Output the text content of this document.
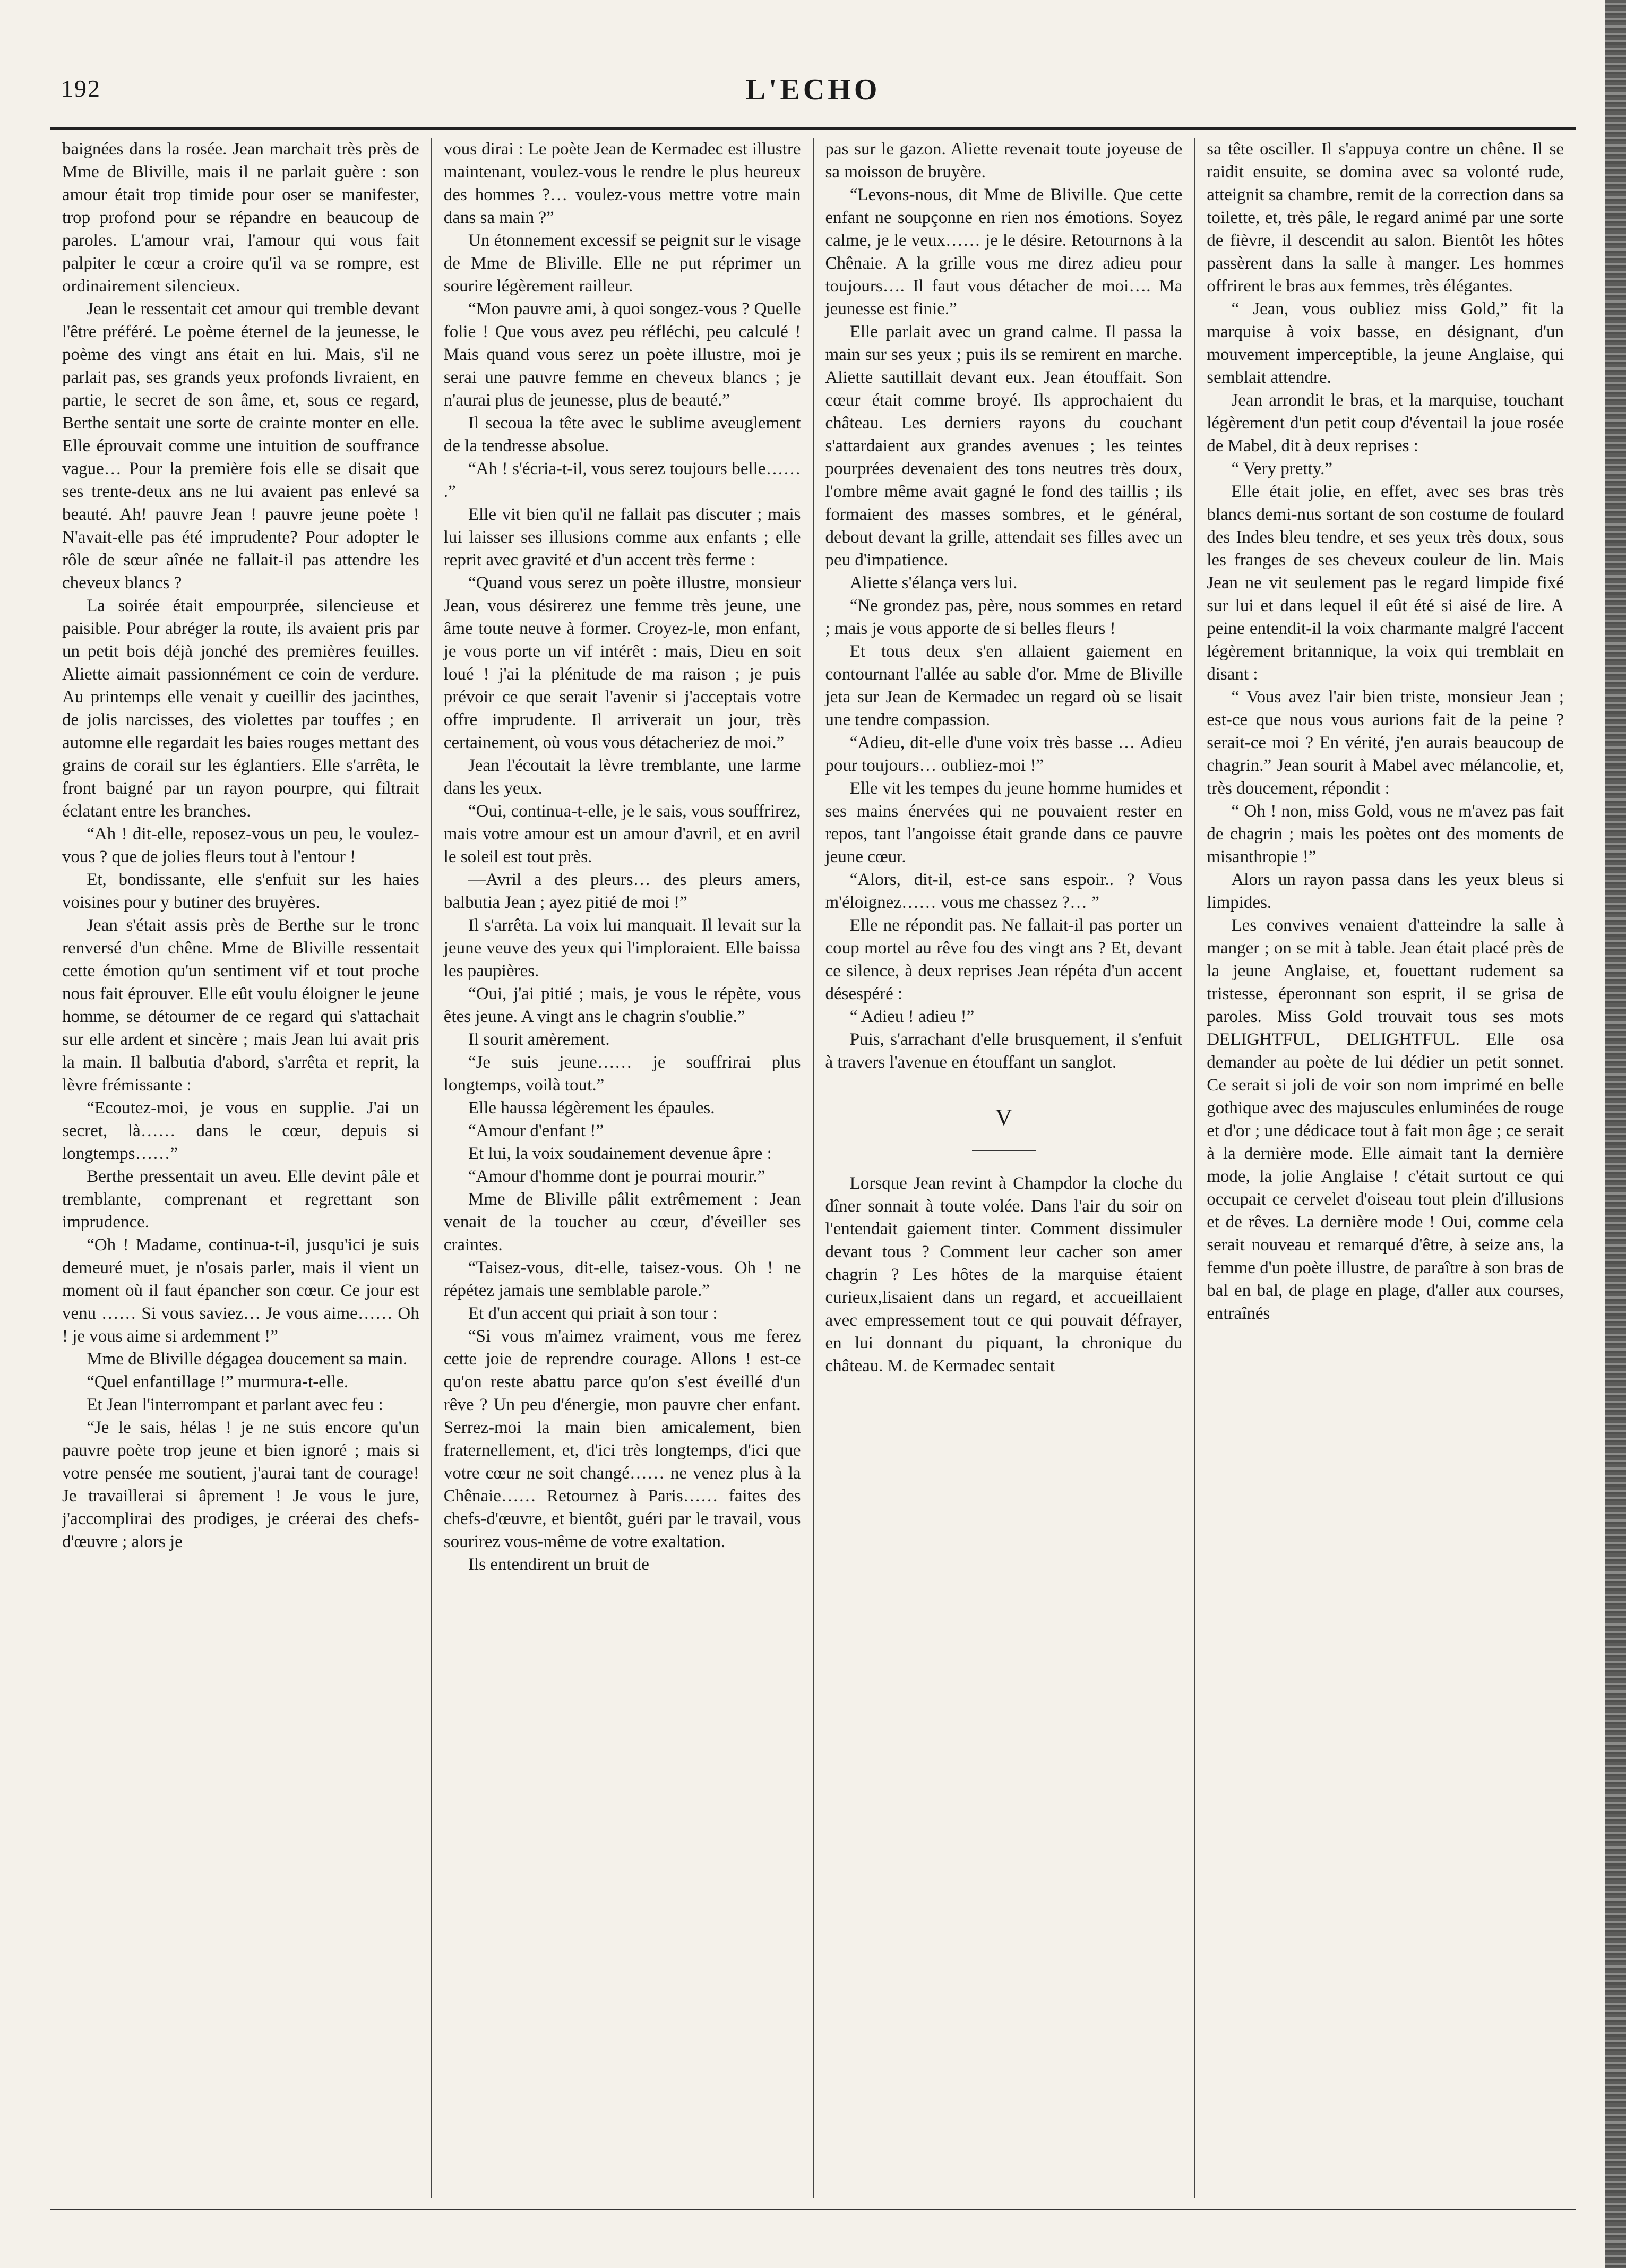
192	L'ECHO

baignées dans la rosée. Jean marchait très près de Mme de Bliville, mais il ne parlait guère : son amour était trop timide pour oser se manifester, trop profond pour se répandre en beaucoup de paroles. L'amour vrai, l'amour qui vous fait palpiter le cœur a croire qu'il va se rompre, est ordinairement silencieux.

Jean le ressentait cet amour qui tremble devant l'être préféré. Le poème éternel de la jeunesse, le poème des vingt ans était en lui. Mais, s'il ne parlait pas, ses grands yeux profonds livraient, en partie, le secret de son âme, et, sous ce regard, Berthe sentait une sorte de crainte monter en elle. Elle éprouvait comme une intuition de souffrance vague… Pour la première fois elle se disait que ses trente-deux ans ne lui avaient pas enlevé sa beauté. Ah! pauvre Jean ! pauvre jeune poète ! N'avait-elle pas été imprudente? Pour adopter le rôle de sœur aînée ne fallait-il pas attendre les cheveux blancs ?

La soirée était empourprée, silencieuse et paisible. Pour abréger la route, ils avaient pris par un petit bois déjà jonché des premières feuilles. Aliette aimait passionnément ce coin de verdure. Au printemps elle venait y cueillir des jacinthes, de jolis narcisses, des violettes par touffes ; en automne elle regardait les baies rouges mettant des grains de corail sur les églantiers. Elle s'arrêta, le front baigné par un rayon pourpre, qui filtrait éclatant entre les branches.

“Ah ! dit-elle, reposez-vous un peu, le voulez-vous ? que de jolies fleurs tout à l'entour !

Et, bondissante, elle s'enfuit sur les haies voisines pour y butiner des bruyères.

Jean s'était assis près de Berthe sur le tronc renversé d'un chêne. Mme de Bliville ressentait cette émotion qu'un sentiment vif et tout proche nous fait éprouver. Elle eût voulu éloigner le jeune homme, se détourner de ce regard qui s'attachait sur elle ardent et sincère ; mais Jean lui avait pris la main. Il balbutia d'abord, s'arrêta et reprit, la lèvre frémissante :

“Ecoutez-moi, je vous en supplie. J'ai un secret, là…… dans le cœur, depuis si longtemps……”

Berthe pressentait un aveu. Elle devint pâle et tremblante, comprenant et regrettant son imprudence.

“Oh ! Madame, continua-t-il, jusqu'ici je suis demeuré muet, je n'osais parler, mais il vient un moment où il faut épancher son cœur. Ce jour est venu …… Si vous saviez… Je vous aime…… Oh ! je vous aime si ardemment !”

Mme de Bliville dégagea doucement sa main.

“Quel enfantillage !” murmura-t-elle.

Et Jean l'interrompant et parlant avec feu :

“Je le sais, hélas ! je ne suis encore qu'un pauvre poète trop jeune et bien ignoré ; mais si votre pensée me soutient, j'aurai tant de courage! Je travaillerai si âprement ! Je vous le jure, j'accomplirai des prodiges, je créerai des chefs-d'œuvre ; alors je

vous dirai : Le poète Jean de Kermadec est illustre maintenant, voulez-vous le rendre le plus heureux des hommes ?… voulez-vous mettre votre main dans sa main ?”

Un étonnement excessif se peignit sur le visage de Mme de Bliville. Elle ne put réprimer un sourire légèrement railleur.

“Mon pauvre ami, à quoi songez-vous ? Quelle folie ! Que vous avez peu réfléchi, peu calculé ! Mais quand vous serez un poète illustre, moi je serai une pauvre femme en cheveux blancs ; je n'aurai plus de jeunesse, plus de beauté.”

Il secoua la tête avec le sublime aveuglement de la tendresse absolue.

“Ah ! s'écria-t-il, vous serez toujours belle…… .”

Elle vit bien qu'il ne fallait pas discuter ; mais lui laisser ses illusions comme aux enfants ; elle reprit avec gravité et d'un accent très ferme :

“Quand vous serez un poète illustre, monsieur Jean, vous désirerez une femme très jeune, une âme toute neuve à former. Croyez-le, mon enfant, je vous porte un vif intérêt : mais, Dieu en soit loué ! j'ai la plénitude de ma raison ; je puis prévoir ce que serait l'avenir si j'acceptais votre offre imprudente. Il arriverait un jour, très certainement, où vous vous détacheriez de moi.”

Jean l'écoutait la lèvre tremblante, une larme dans les yeux.

“Oui, continua-t-elle, je le sais, vous souffrirez, mais votre amour est un amour d'avril, et en avril le soleil est tout près.

—Avril a des pleurs… des pleurs amers, balbutia Jean ; ayez pitié de moi !”

Il s'arrêta. La voix lui manquait. Il levait sur la jeune veuve des yeux qui l'imploraient. Elle baissa les paupières.

“Oui, j'ai pitié ; mais, je vous le répète, vous êtes jeune. A vingt ans le chagrin s'oublie.”

Il sourit amèrement.

“Je suis jeune…… je souffrirai plus longtemps, voilà tout.”

Elle haussa légèrement les épaules.

“Amour d'enfant !”

Et lui, la voix soudainement devenue âpre :

“Amour d'homme dont je pourrai mourir.”

Mme de Bliville pâlit extrêmement : Jean venait de la toucher au cœur, d'éveiller ses craintes.

“Taisez-vous, dit-elle, taisez-vous. Oh ! ne répétez jamais une semblable parole.”

Et d'un accent qui priait à son tour :

“Si vous m'aimez vraiment, vous me ferez cette joie de reprendre courage. Allons ! est-ce qu'on reste abattu parce qu'on s'est éveillé d'un rêve ? Un peu d'énergie, mon pauvre cher enfant. Serrez-moi la main bien amicalement, bien fraternellement, et, d'ici très longtemps, d'ici que votre cœur ne soit changé…… ne venez plus à la Chênaie…… Retournez à Paris…… faites des chefs-d'œuvre, et bientôt, guéri par le travail, vous sourirez vous-même de votre exaltation.

Ils entendirent un bruit de

pas sur le gazon. Aliette revenait toute joyeuse de sa moisson de bruyère.

“Levons-nous, dit Mme de Bliville. Que cette enfant ne soupçonne en rien nos émotions. Soyez calme, je le veux…… je le désire. Retournons à la Chênaie. A la grille vous me direz adieu pour toujours…. Il faut vous détacher de moi…. Ma jeunesse est finie.”

Elle parlait avec un grand calme. Il passa la main sur ses yeux ; puis ils se remirent en marche. Aliette sautillait devant eux. Jean étouffait. Son cœur était comme broyé. Ils approchaient du château. Les derniers rayons du couchant s'attardaient aux grandes avenues ; les teintes pourprées devenaient des tons neutres très doux, l'ombre même avait gagné le fond des taillis ; ils formaient des masses sombres, et le général, debout devant la grille, attendait ses filles avec un peu d'impatience.

Aliette s'élança vers lui.

“Ne grondez pas, père, nous sommes en retard ; mais je vous apporte de si belles fleurs !

Et tous deux s'en allaient gaiement en contournant l'allée au sable d'or. Mme de Bliville jeta sur Jean de Kermadec un regard où se lisait une tendre compassion.

“Adieu, dit-elle d'une voix très basse … Adieu pour toujours… oubliez-moi !”

Elle vit les tempes du jeune homme humides et ses mains énervées qui ne pouvaient rester en repos, tant l'angoisse était grande dans ce pauvre jeune cœur.

“Alors, dit-il, est-ce sans espoir.. ? Vous m'éloignez…… vous me chassez ?… ”

Elle ne répondit pas. Ne fallait-il pas porter un coup mortel au rêve fou des vingt ans ? Et, devant ce silence, à deux reprises Jean répéta d'un accent désespéré :

“ Adieu ! adieu !”

Puis, s'arrachant d'elle brusquement, il s'enfuit à travers l'avenue en étouffant un sanglot.

V

Lorsque Jean revint à Champdor la cloche du dîner sonnait à toute volée. Dans l'air du soir on l'entendait gaiement tinter. Comment dissimuler devant tous ? Comment leur cacher son amer chagrin ? Les hôtes de la marquise étaient curieux,lisaient dans un regard, et accueillaient avec empressement tout ce qui pouvait défrayer, en lui donnant du piquant, la chronique du château. M. de Kermadec sentait

sa tête osciller. Il s'appuya contre un chêne. Il se raidit ensuite, se domina avec sa volonté rude, atteignit sa chambre, remit de la correction dans sa toilette, et, très pâle, le regard animé par une sorte de fièvre, il descendit au salon. Bientôt les hôtes passèrent dans la salle à manger. Les hommes offrirent le bras aux femmes, très élégantes.

“ Jean, vous oubliez miss Gold,” fit la marquise à voix basse, en désignant, d'un mouvement imperceptible, la jeune Anglaise, qui semblait attendre.

Jean arrondit le bras, et la marquise, touchant légèrement d'un petit coup d'éventail la joue rosée de Mabel, dit à deux reprises :

“ Very pretty.”

Elle était jolie, en effet, avec ses bras très blancs demi-nus sortant de son costume de foulard des Indes bleu tendre, et ses yeux très doux, sous les franges de ses cheveux couleur de lin. Mais Jean ne vit seulement pas le regard limpide fixé sur lui et dans lequel il eût été si aisé de lire. A peine entendit-il la voix charmante malgré l'accent légèrement britannique, la voix qui tremblait en disant :

“ Vous avez l'air bien triste, monsieur Jean ; est-ce que nous vous aurions fait de la peine ? serait-ce moi ? En vérité, j'en aurais beaucoup de chagrin.” Jean sourit à Mabel avec mélancolie, et, très doucement, répondit :

“ Oh ! non, miss Gold, vous ne m'avez pas fait de chagrin ; mais les poètes ont des moments de misanthropie !”

Alors un rayon passa dans les yeux bleus si limpides.

Les convives venaient d'atteindre la salle à manger ; on se mit à table. Jean était placé près de la jeune Anglaise, et, fouettant rudement sa tristesse, éperonnant son esprit, il se grisa de paroles. Miss Gold trouvait tous ses mots DELIGHTFUL, DELIGHTFUL. Elle osa demander au poète de lui dédier un petit sonnet. Ce serait si joli de voir son nom imprimé en belle gothique avec des majuscules enluminées de rouge et d'or ; une dédicace tout à fait mon âge ; ce serait à la dernière mode. Elle aimait tant la dernière mode, la jolie Anglaise ! c'était surtout ce qui occupait ce cervelet d'oiseau tout plein d'illusions et de rêves. La dernière mode ! Oui, comme cela serait nouveau et remarqué d'être, à seize ans, la femme d'un poète illustre, de paraître à son bras de bal en bal, de plage en plage, d'aller aux courses, entraînés
